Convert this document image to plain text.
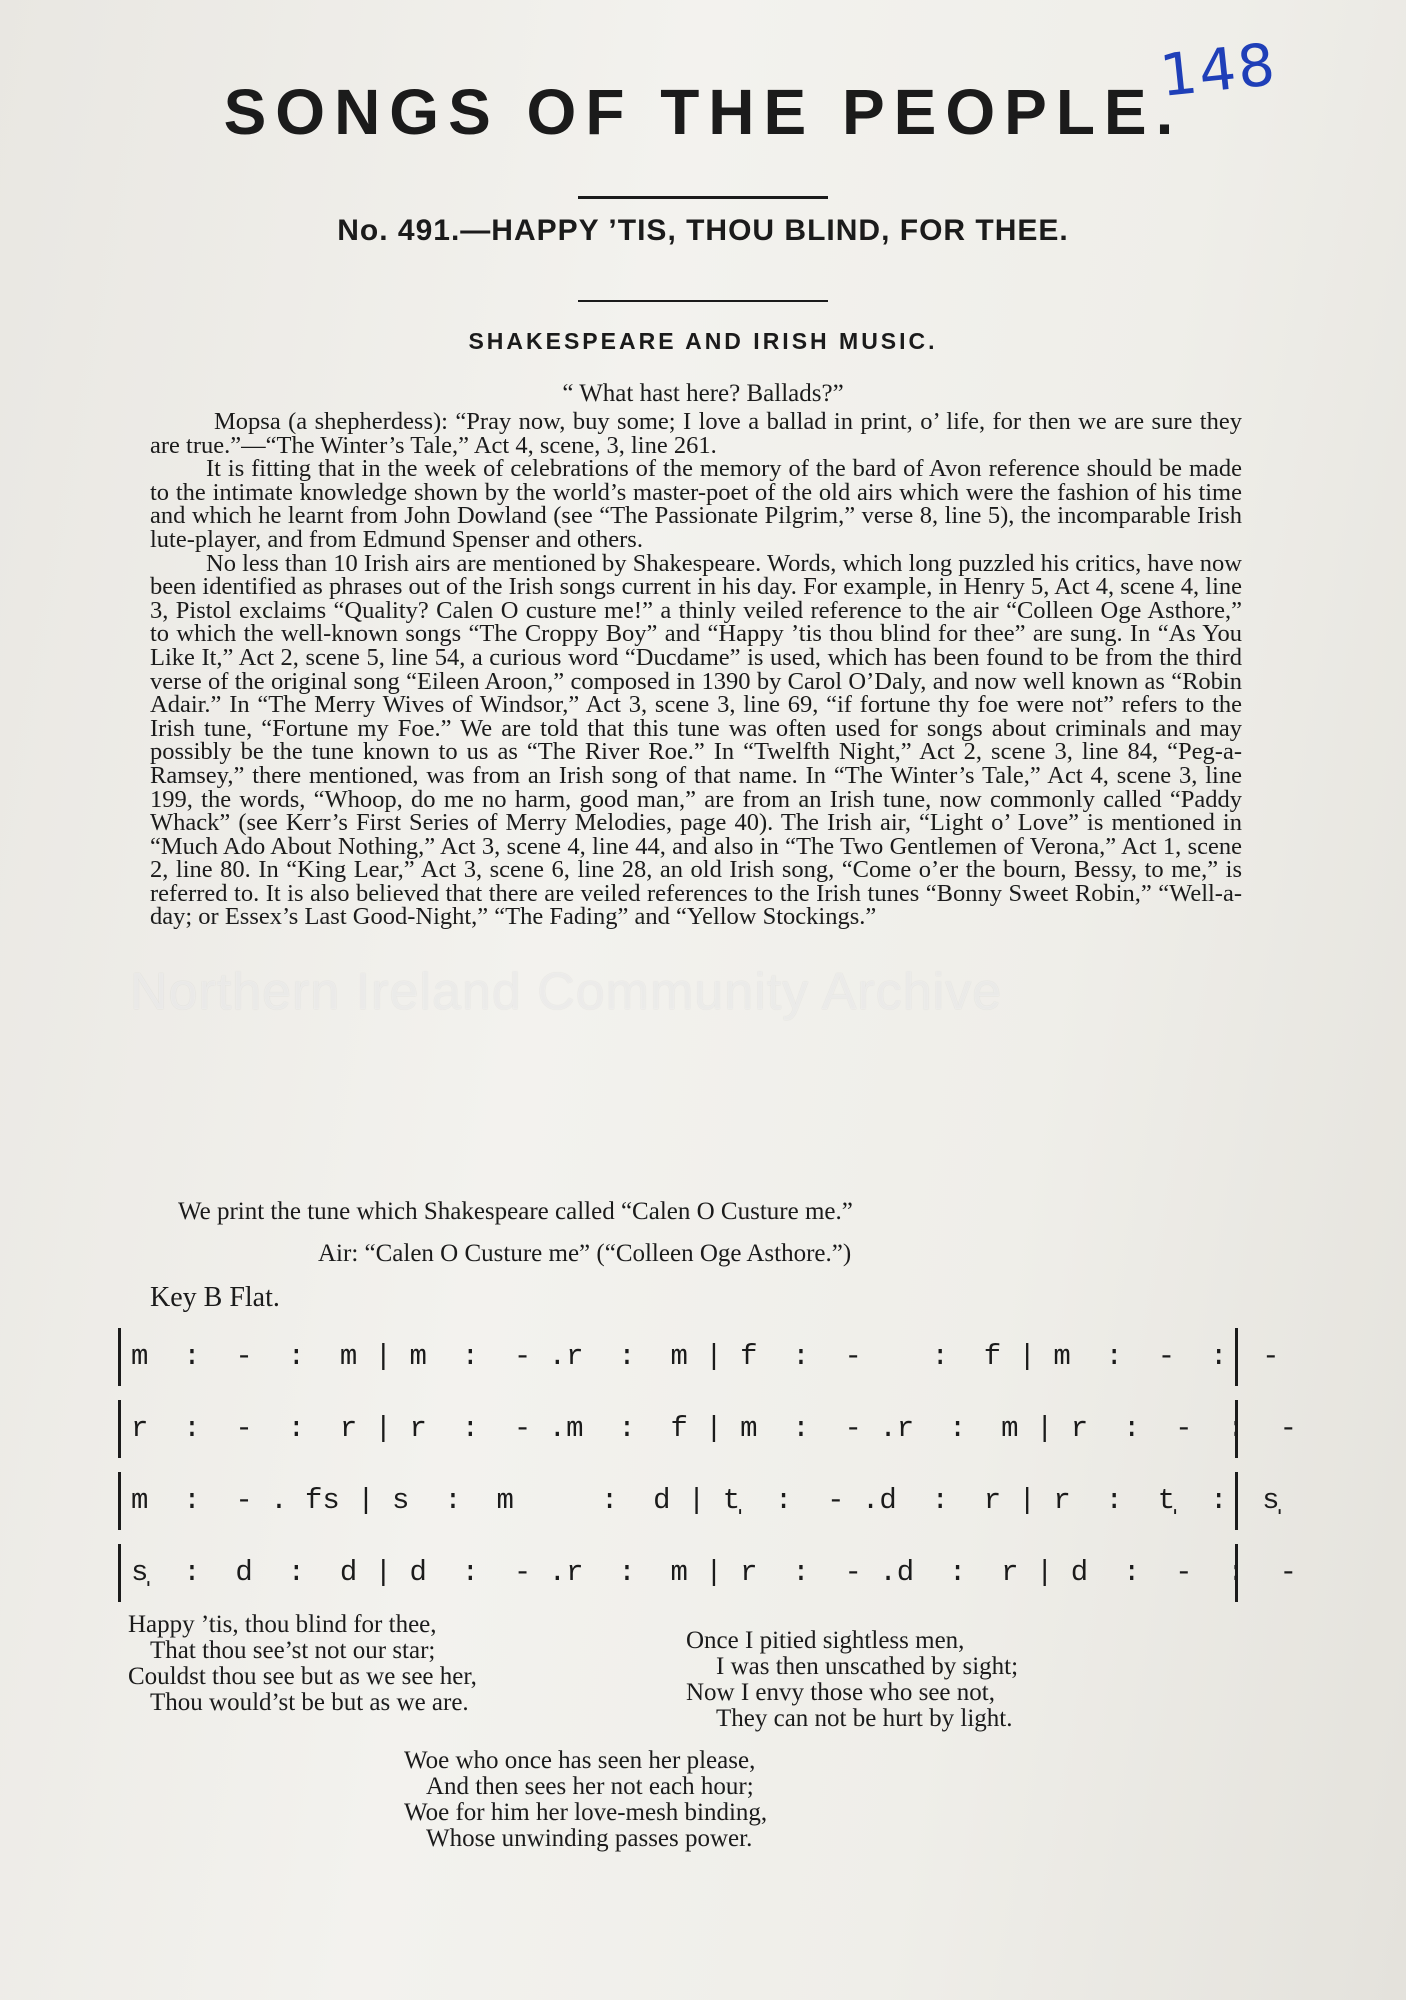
148
SONGS OF THE PEOPLE.
No. 491.—HAPPY ’TIS, THOU BLIND, FOR THEE.
SHAKESPEARE AND IRISH MUSIC.
“ What hast here? Ballads?”

Mopsa (a shepherdess): “Pray now, buy some; I love a ballad in print, o’ life, for then we are sure they are true.”—“The Winter’s Tale,” Act 4, scene, 3, line 261.

It is fitting that in the week of celebrations of the memory of the bard of Avon reference should be made to the intimate knowledge shown by the world’s master-poet of the old airs which were the fashion of his time and which he learnt from John Dowland (see “The Passionate Pilgrim,” verse 8, line 5), the incomparable Irish lute-player, and from Edmund Spenser and others.

No less than 10 Irish airs are mentioned by Shakespeare. Words, which long puzzled his critics, have now been identified as phrases out of the Irish songs current in his day. For example, in Henry 5, Act 4, scene 4, line 3, Pistol exclaims “Quality? Calen O custure me!” a thinly veiled reference to the air “Colleen Oge Asthore,” to which the well-known songs “The Croppy Boy” and “Happy ’tis thou blind for thee” are sung. In “As You Like It,” Act 2, scene 5, line 54, a curious word “Ducdame” is used, which has been found to be from the third verse of the original song “Eileen Aroon,” composed in 1390 by Carol O’Daly, and now well known as “Robin Adair.” In “The Merry Wives of Windsor,” Act 3, scene 3, line 69, “if fortune thy foe were not” refers to the Irish tune, “Fortune my Foe.” We are told that this tune was often used for songs about criminals and may possibly be the tune known to us as “The River Roe.” In “Twelfth Night,” Act 2, scene 3, line 84, “Peg-a-Ramsey,” there mentioned, was from an Irish song of that name. In “The Winter’s Tale,” Act 4, scene 3, line 199, the words, “Whoop, do me no harm, good man,” are from an Irish tune, now commonly called “Paddy Whack” (see Kerr’s First Series of Merry Melodies, page 40). The Irish air, “Light o’ Love” is mentioned in “Much Ado About Nothing,” Act 3, scene 4, line 44, and also in “The Two Gentlemen of Verona,” Act 1, scene 2, line 80. In “King Lear,” Act 3, scene 6, line 28, an old Irish song, “Come o’er the bourn, Bessy, to me,” is referred to. It is also believed that there are veiled references to the Irish tunes “Bonny Sweet Robin,” “Well-a-day; or Essex’s Last Good-Night,” “The Fading” and “Yellow Stockings.”

Northern Ireland Community Archive
We print the tune which Shakespeare called “Calen O Custure me.”
Air: “Calen O Custure me” (“Colleen Oge Asthore.”)
Key B Flat.
m  :  -  :  m | m  :  - .r  :  m | f  :  -    :  f | m  :  -  :  -
r  :  -  :  r | r  :  - .m  :  f | m  :  - .r  :  m | r  :  -  :  -
m  :  - . fs | s  :  m     :  d | t̩  :  - .d  :  r | r  :  t̩  :  s̩
s̩  :  d  :  d | d  :  - .r  :  m | r  :  - .d  :  r | d  :  -  :  -
Happy ’tis, thou blind for thee,
That thou see’st not our star;
Couldst thou see but as we see her,
Thou would’st be but as we are.
Once I pitied sightless men,
I was then unscathed by sight;
Now I envy those who see not,
They can not be hurt by light.
Woe who once has seen her please,
And then sees her not each hour;
Woe for him her love-mesh binding,
Whose unwinding passes power.
